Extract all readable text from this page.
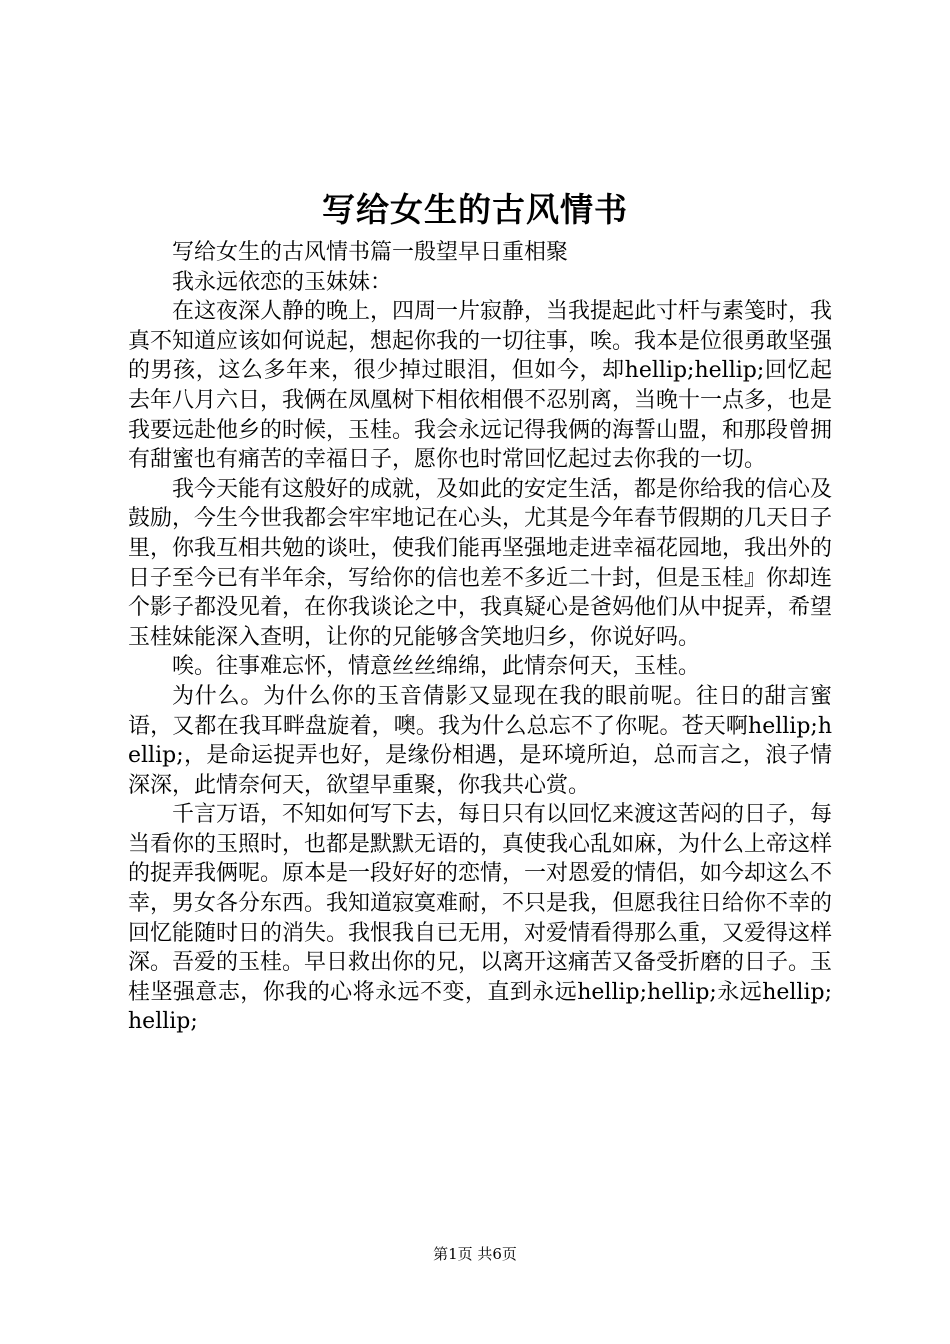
写给女生的古风情书

写给女生的古风情书篇一殷望早日重相聚

我永远依恋的玉妹妹：

在这夜深人静的晚上，四周一片寂静，当我提起此寸杆与素笺时，我真不知道应该如何说起，想起你我的一切往事，唉。我本是位很勇敢坚强的男孩，这么多年来，很少掉过眼泪，但如今，却hellip;hellip;回忆起去年八月六日，我俩在凤凰树下相依相偎不忍别离，当晚十一点多，也是我要远赴他乡的时候，玉桂。我会永远记得我俩的海誓山盟，和那段曾拥有甜蜜也有痛苦的幸福日子，愿你也时常回忆起过去你我的一切。

我今天能有这般好的成就，及如此的安定生活，都是你给我的信心及鼓励，今生今世我都会牢牢地记在心头，尤其是今年春节假期的几天日子里，你我互相共勉的谈吐，使我们能再坚强地走进幸福花园地，我出外的日子至今已有半年余，写给你的信也差不多近二十封，但是玉桂』你却连个影子都没见着，在你我谈论之中，我真疑心是爸妈他们从中捉弄，希望玉桂妹能深入查明，让你的兄能够含笑地归乡，你说好吗。

唉。往事难忘怀，情意丝丝绵绵，此情奈何天，玉桂。

为什么。为什么你的玉音倩影又显现在我的眼前呢。往日的甜言蜜语，又都在我耳畔盘旋着，噢。我为什么总忘不了你呢。苍天啊hellip;hellip;，是命运捉弄也好，是缘份相遇，是环境所迫，总而言之，浪子情深深，此情奈何天，欲望早重聚，你我共心赏。

千言万语，不知如何写下去，每日只有以回忆来渡这苦闷的日子，每当看你的玉照时，也都是默默无语的，真使我心乱如麻，为什么上帝这样的捉弄我俩呢。原本是一段好好的恋情，一对恩爱的情侣，如今却这么不幸，男女各分东西。我知道寂寞难耐，不只是我，但愿我往日给你不幸的回忆能随时日的消失。我恨我自已无用，对爱情看得那么重，又爱得这样深。吾爱的玉桂。早日救出你的兄，以离开这痛苦又备受折磨的日子。玉桂坚强意志，你我的心将永远不变，直到永远hellip;hellip;永远hellip;hellip;

第1页 共6页
